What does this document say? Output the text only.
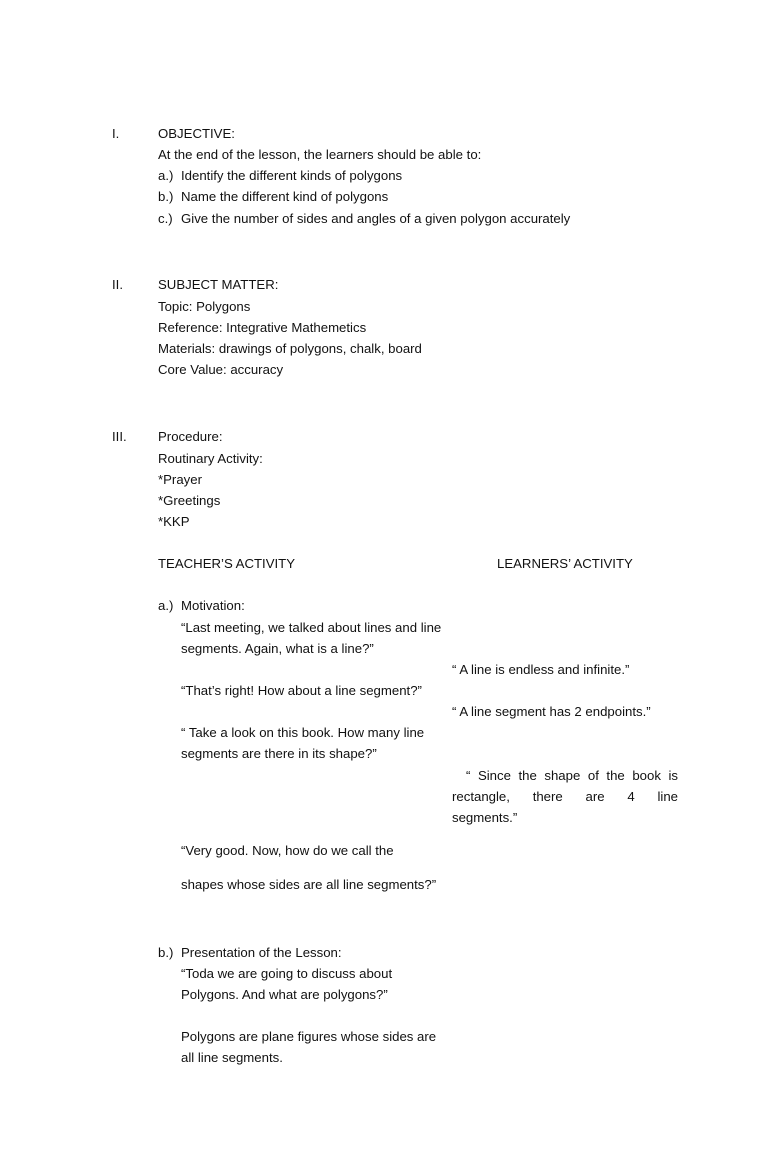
I.	OBJECTIVE:
At the end of the lesson, the learners should be able to:
a.) Identify the different kinds of polygons
b.) Name the different kind of polygons
c.) Give the number of sides and angles of a given polygon accurately
II.	SUBJECT MATTER:
Topic: Polygons
Reference: Integrative Mathemetics
Materials: drawings of polygons, chalk, board
Core Value: accuracy
III. Procedure:
Routinary Activity:
*Prayer
*Greetings
*KKP
TEACHER’S ACTIVITY	LEARNERS’ ACTIVITY
a.) Motivation:
“Last meeting, we talked about lines and line
segments. Again, what is a line?”
“ A line is endless and infinite.”
“That’s right! How about a line segment?”
“ A line segment has 2 endpoints.”
“ Take a look on this book. How many line
segments are there in its shape?”
“ Since the shape of the book is
rectangle, there are 4 line
segments.”
“Very good. Now, how do we call the
shapes whose sides are all line segments?”
b.) Presentation of the Lesson:
“Toda we are going to discuss about
Polygons. And what are polygons?”
Polygons are plane figures whose sides are
all line segments.
